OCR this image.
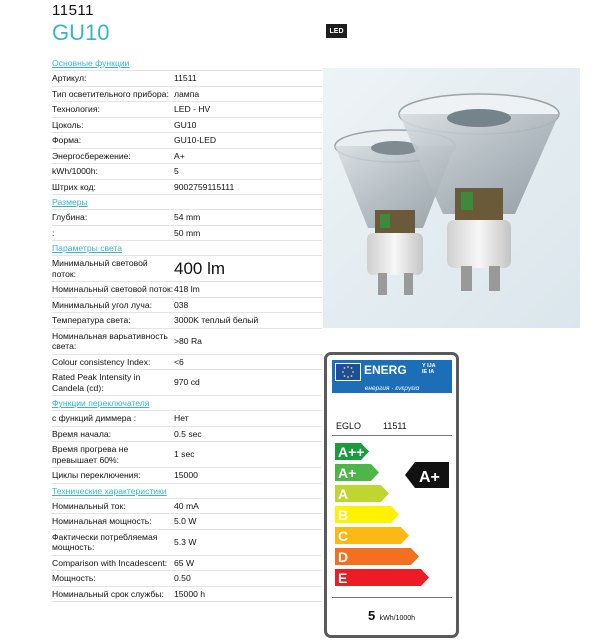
11511
GU10	LED
Основные функции
Артикул:	11511
Тип осветительного прибора: лампа
Технология:	LED - HV
Цоколь:	GU10
Форма:	GU10-LED
Энергосбережение:	A+
kWh/1000h:	5
Штрих код:	9002759115111
Размеры
Глубина:	54 mm
:	50 mm
Параметры света
Минимальный световой поток:	400 lm
Номинальный световой поток: 418 lm
Минимальный угол луча:	038
Температура света:	3000K теплый белый
Номинальная варьативность света:
>80 Ra
Colour consistency Index:	<6
Rated Peak Intensity in Candela (cd):
970 cd
Функции переключателя
с функций диммера :	Нет
Время начала:	0.5 sec
Время прогрева не превышает 60%:
1 sec
Циклы переключения:	15000
Технические характеристики
Номинальный ток:	40 mA
Номинальная мощность:	5.0 W
Фактически потребляемая мощность:
5.3 W
Comparison with Incadescent: 65 W
Мощность:	0.50
Номинальный срок службы:	15000 h
ENERG	Y IJA
IE IA
енергия · ενεργεια
EGLO 11511
A++
A+	A+
A
B
C
D
E
5 kWh/1000h
